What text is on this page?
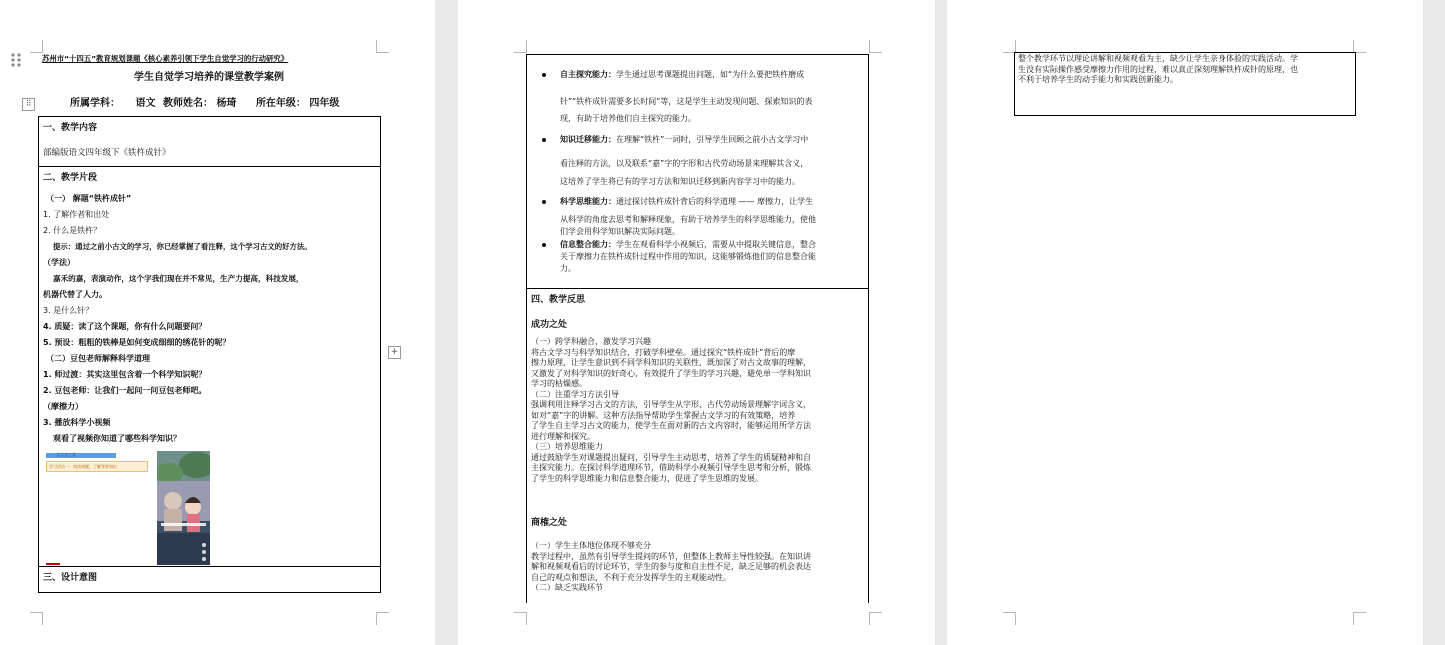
苏州市“十四五”教育规划课题《核心素养引领下学生自觉学习的行动研究》
学生自觉学习培养的课堂教学案例
⠿	所属学科： 语文 教师姓名： 杨琦 所在年级： 四年级
一、教学内容
部编版语文四年级下《铁杵成针》
二、教学片段
（一） 解题“铁杵成针”
1. 了解作者和出处
2. 什么是铁杵？
提示：通过之前小古文的学习，你已经掌握了看注释，这个学习古文的好方法。
（学法）
嘉禾的嘉，表演动作，这个字我们现在并不常见，生产力提高，科技发展，
机器代替了人力。
3. 是什么针？
4. 质疑：读了这个课题，你有什么问题要问？
5. 预设：粗粗的铁棒是如何变成细细的绣花针的呢？
（二）豆包老师解释科学道理
1. 师过渡：其实这里包含着一个科学知识呢？
2. 豆包老师：让我们一起问一问豆包老师吧。
（摩擦力）
3. 播放科学小视频
观看了视频你知道了哪些科学知识？
文言文之美
学习活动一：初读课题，了解背景知识
三、设计意图
+
自主探究能力：学生通过思考课题提出问题，如“为什么要把铁杵磨成
针”“铁杵成针需要多长时间”等，这是学生主动发现问题、探索知识的表
现，有助于培养他们自主探究的能力。
知识迁移能力：在理解“铁杵”一词时，引导学生回顾之前小古文学习中
看注释的方法，以及联系“嘉”字的字形和古代劳动场景来理解其含义，
这培养了学生将已有的学习方法和知识迁移到新内容学习中的能力。
科学思维能力：通过探讨铁杵成针背后的科学道理 —— 摩擦力，让学生
从科学的角度去思考和解释现象，有助于培养学生的科学思维能力，使他
们学会用科学知识解决实际问题。
信息整合能力：学生在观看科学小视频后，需要从中提取关键信息，整合
关于摩擦力在铁杵成针过程中作用的知识，这能够锻炼他们的信息整合能
力。
四、教学反思
成功之处
（一）跨学科融合，激发学习兴趣
将古文学习与科学知识结合，打破学科壁垒。通过探究“铁杵成针”背后的摩
擦力原理，让学生意识到不同学科知识的关联性，既加深了对古文故事的理解，
又激发了对科学知识的好奇心，有效提升了学生的学习兴趣，避免单一学科知识
学习的枯燥感。
（二）注重学习方法引导
强调利用注释学习古文的方法，引导学生从字形、古代劳动场景理解字词含义，
如对“嘉”字的讲解。这种方法指导帮助学生掌握古文学习的有效策略，培养
了学生自主学习古文的能力，使学生在面对新的古文内容时，能够运用所学方法
进行理解和探究。
（三）培养思维能力
通过鼓励学生对课题提出疑问，引导学生主动思考，培养了学生的质疑精神和自
主探究能力。在探讨科学道理环节，借助科学小视频引导学生思考和分析，锻炼
了学生的科学思维能力和信息整合能力，促进了学生思维的发展。
商榷之处
（一）学生主体地位体现不够充分
教学过程中，虽然有引导学生提问的环节，但整体上教师主导性较强。在知识讲
解和视频观看后的讨论环节，学生的参与度和自主性不足，缺乏足够的机会表达
自己的观点和想法，不利于充分发挥学生的主观能动性。
（二）缺乏实践环节
整个教学环节以理论讲解和视频观看为主，缺少让学生亲身体验的实践活动。学
生没有实际操作感受摩擦力作用的过程，难以真正深刻理解铁杵成针的原理，也
不利于培养学生的动手能力和实践创新能力。
